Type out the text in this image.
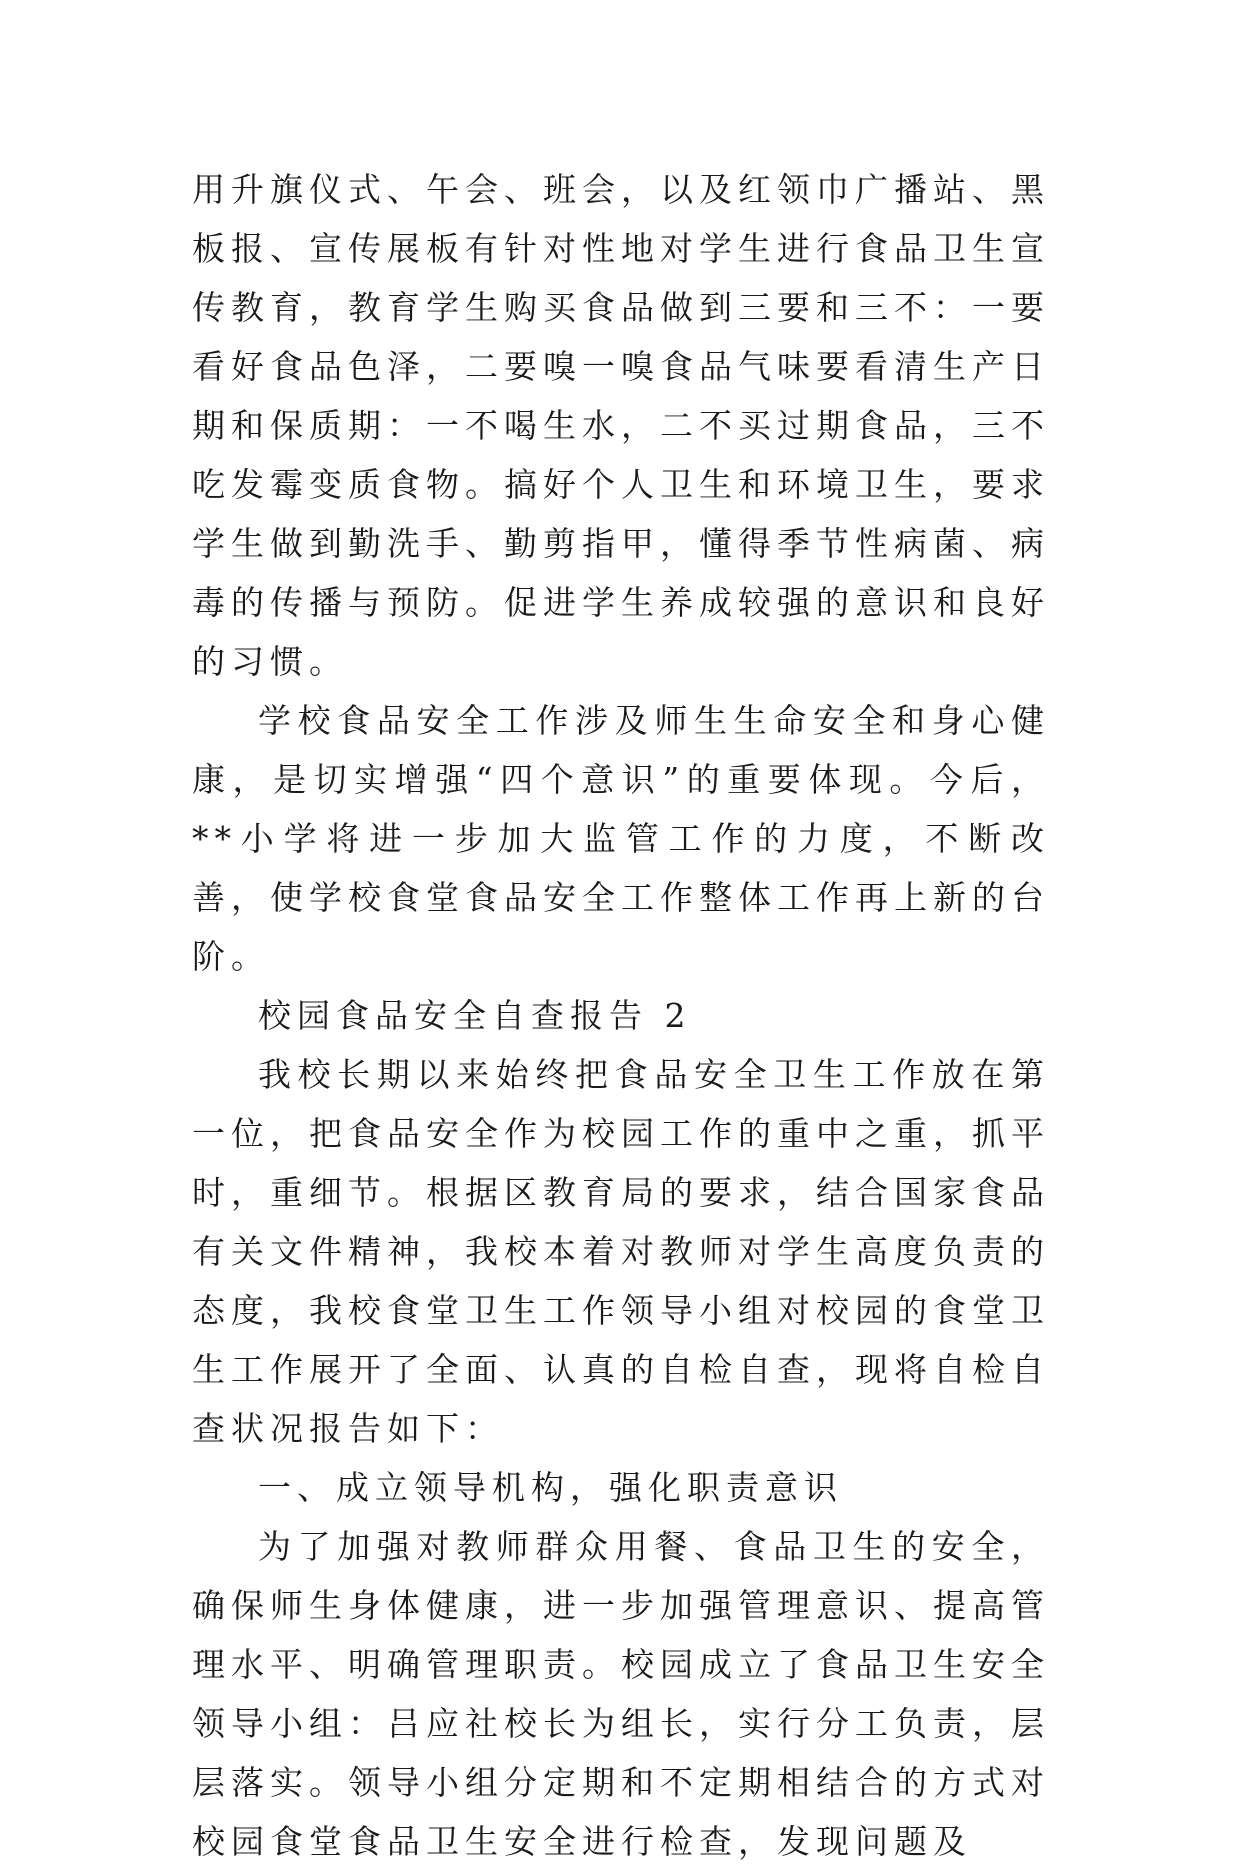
用升旗仪式、午会、班会，以及红领巾广播站、黑板报、宣传展板有针对性地对学生进行食品卫生宣传教育，教育学生购买食品做到三要和三不：一要看好食品色泽，二要嗅一嗅食品气味要看清生产日期和保质期：一不喝生水，二不买过期食品，三不吃发霉变质食物。搞好个人卫生和环境卫生，要求学生做到勤洗手、勤剪指甲，懂得季节性病菌、病毒的传播与预防。促进学生养成较强的意识和良好的习惯。

学校食品安全工作涉及师生生命安全和身心健康，是切实增强“四个意识”的重要体现。今后，**小学将进一步加大监管工作的力度，不断改善，使学校食堂食品安全工作整体工作再上新的台阶。

校园食品安全自查报告 2

我校长期以来始终把食品安全卫生工作放在第一位，把食品安全作为校园工作的重中之重，抓平时，重细节。根据区教育局的要求，结合国家食品有关文件精神，我校本着对教师对学生高度负责的态度，我校食堂卫生工作领导小组对校园的食堂卫生工作展开了全面、认真的自检自查，现将自检自查状况报告如下：

一、成立领导机构，强化职责意识

为了加强对教师群众用餐、食品卫生的安全，确保师生身体健康，进一步加强管理意识、提高管理水平、明确管理职责。校园成立了食品卫生安全领导小组：吕应社校长为组长，实行分工负责，层层落实。领导小组分定期和不定期相结合的方式对校园食堂食品卫生安全进行检查，发现问题及
